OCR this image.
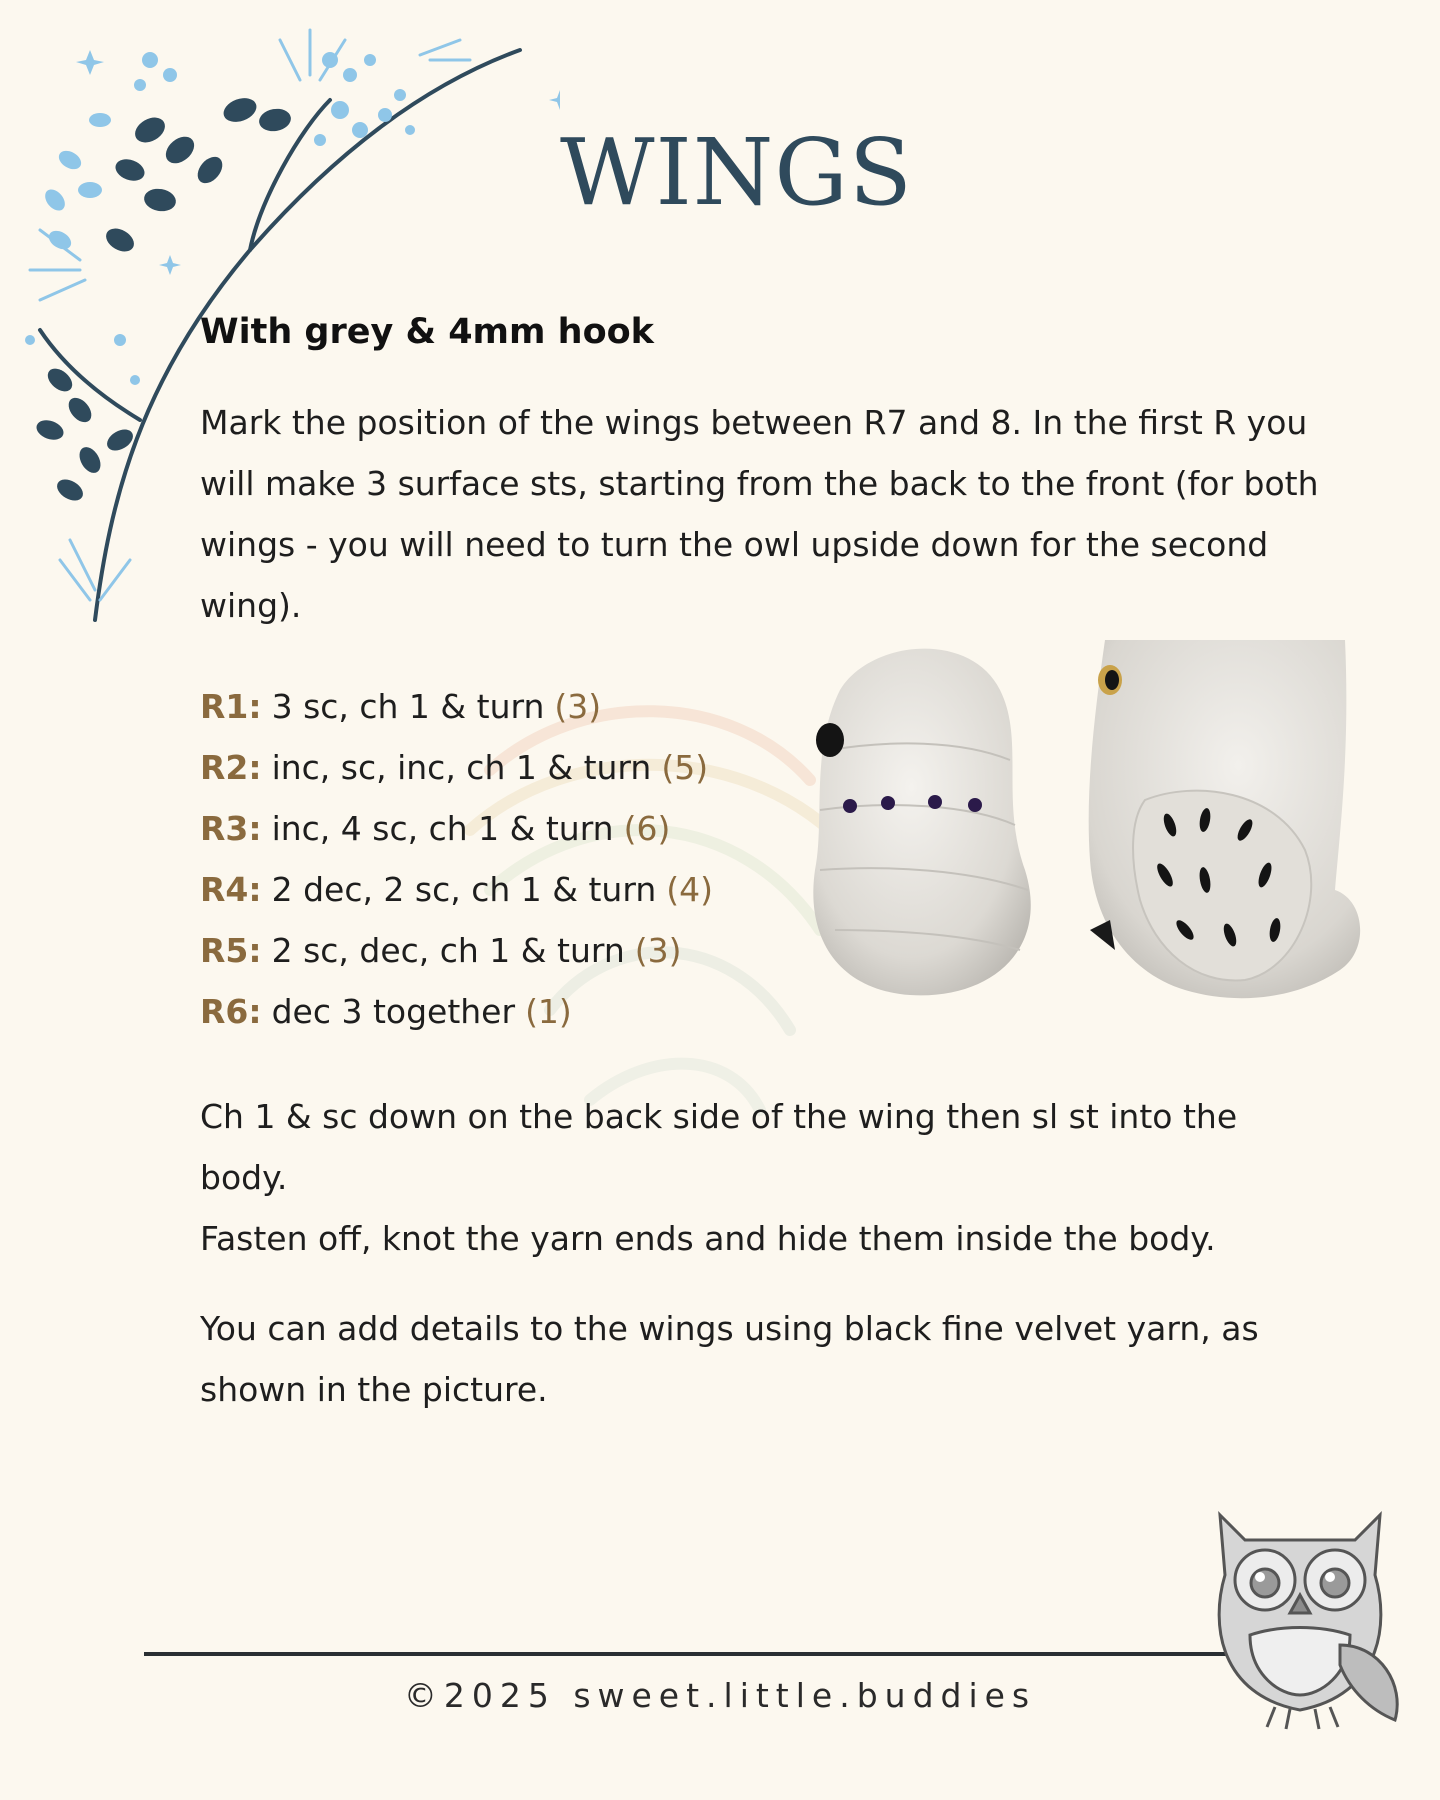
WINGS
With grey & 4mm hook

Mark the position of the wings between R7 and 8. In the first R you will make 3 surface sts, starting from the back to the front (for both wings - you will need to turn the owl upside down for the second wing).

R1: 3 sc, ch 1 & turn (3)
R2: inc, sc, inc, ch 1 & turn (5)
R3: inc, 4 sc, ch 1 & turn (6)
R4: 2 dec, 2 sc, ch 1 & turn (4)
R5: 2 sc, dec, ch 1 & turn (3)
R6: dec 3 together (1)

Ch 1 & sc down on the back side of the wing then sl st into the body.

Fasten off, knot the yarn ends and hide them inside the body.

You can add details to the wings using black fine velvet yarn, as shown in the picture.

©2025 sweet.little.buddies
